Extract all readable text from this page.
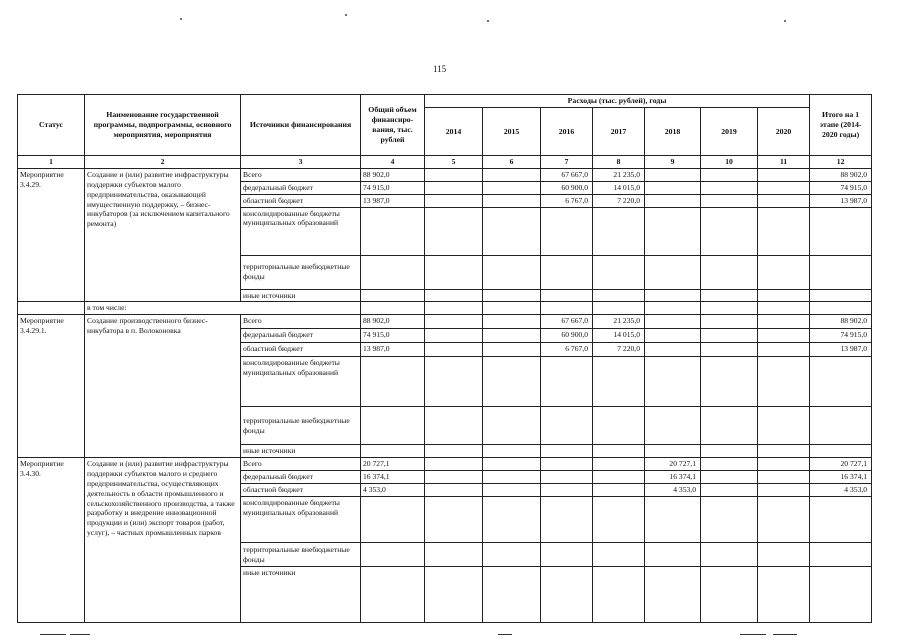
115
Статус	Наименование государственной программы, подпрограммы, основного мероприятия, мероприятия	Источники финансирования	Общий объем финансиро-вания, тыс. рублей	Расходы (тыс. рублей), годы							Итого на 1 этапе (2014-2020 годы)
				2014	2015	2016	2017	2018	2019	2020	
1	2	3	4	5	6	7	8	9	10	11	12
Мероприятие 3.4.29.	Создание и (или) развитие инфраструктуры поддержки субъектов малого предпринимательства, оказывающей имущественную поддержку, – бизнес-инкубаторов (за исключением капитального ремонта)	Всего	88 902,0			67 667,0	21 235,0				88 902,0
		федеральный бюджет	74 915,0			60 900,0	14 015,0				74 915,0
		областной бюджет	13 987,0			6 767,0	7 220,0				13 987,0
		консолидированные бюджеты муниципальных образований									
		территориальные внебюджетные фонды									
		иные источники									
	в том числе:										
Мероприятие 3.4.29.1.	Создание производственного бизнес-инкубатора в п. Волоконовка	Всего	88 902,0			67 667,0	21 235,0				88 902,0
		федеральный бюджет	74 915,0			60 900,0	14 015,0				74 915,0
		областной бюджет	13 987,0			6 767,0	7 220,0				13 987,0
		консолидированные бюджеты муниципальных образований									
		территориальные внебюджетные фонды									
		иные источники									
Мероприятие 3.4.30.	Создание и (или) развитие инфраструктуры поддержки субъектов малого и среднего предпринимательства, осуществляющих деятельность в области промышленного и сельскохозяйственного производства, а также разработку и внедрение инновационной продукции и (или) экспорт товаров (работ, услуг), – частных промышленных парков	Всего	20 727,1					20 727,1			20 727,1
		федеральный бюджет	16 374,1					16 374,1			16 374,1
		областной бюджет	4 353,0					4 353,0			4 353,0
		консолидированные бюджеты муниципальных образований									
		территориальные внебюджетные фонды									
		иные источники									
